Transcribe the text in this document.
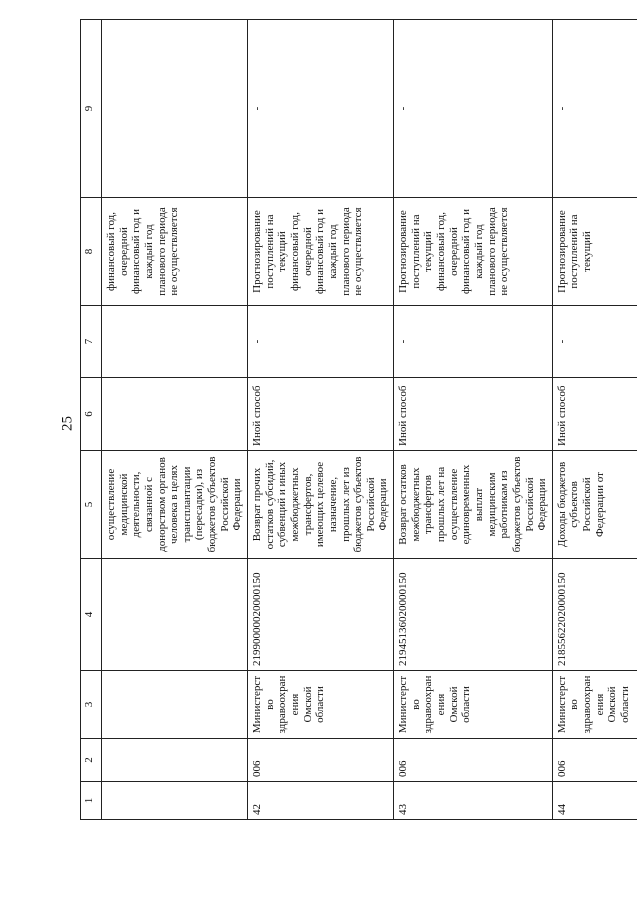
25
1	2	3	4	5	6	7	8	9
				осуществление медицинской деятельности, связанной с донорством органов человека в целях трансплантации (пересадки), из бюджетов субъектов Российской Федерации			финансовый год, очередной финансовый год и каждый год планового периода не осуществляется	
42	006	Министерство здравоохранения Омской области	21990000020000150	Возврат прочих остатков субсидий, субвенций и иных межбюджетных трансфертов, имеющих целевое назначение, прошлых лет из бюджетов субъектов Российской Федерации	Иной способ	-	Прогнозирование поступлений на текущий финансовый год, очередной финансовый год и каждый год планового периода не осуществляется	-
43	006	Министерство здравоохранения Омской области	21945136020000150	Возврат остатков межбюджетных трансфертов прошлых лет на осуществление единовременных выплат медицинским работникам из бюджетов субъектов Российской Федерации	Иной способ	-	Прогнозирование поступлений на текущий финансовый год, очередной финансовый год и каждый год планового периода не осуществляется	-
44	006	Министерство здравоохранения Омской области	21855622020000150	Доходы бюджетов субъектов Российской Федерации от	Иной способ	-	Прогнозирование поступлений на текущий	-
